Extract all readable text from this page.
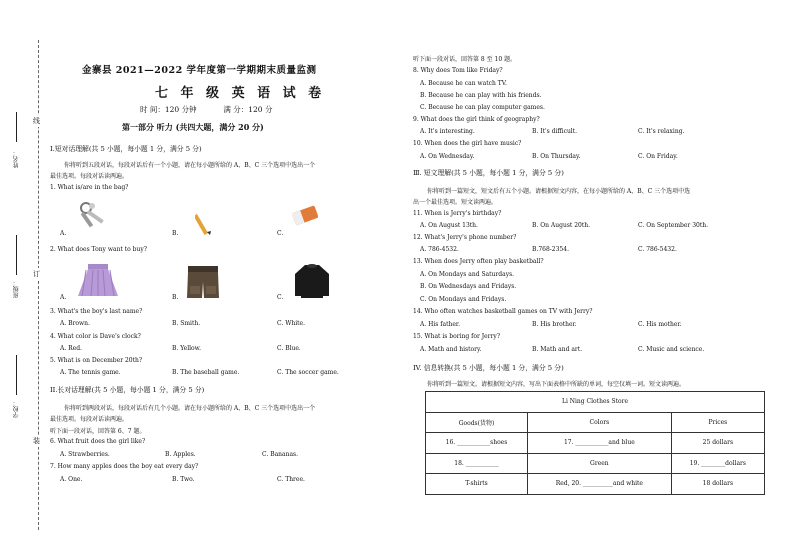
姓名：
班级：
学校：
线
订
装
金寨县 2021—2022 学年度第一学期期末质量监测
七 年 级 英 语 试 卷
时 间：120 分钟	满 分：120 分
第一部分 听力 (共四大题，满分 20 分)
I.短对话理解(共 5 小题，每小题 1 分，满分 5 分)
你将听到五段对话，每段对话后有一个小题，请在每小题所给的 A、B、C 三个选项中选出一个
最佳选项。每段对话读两遍。
1. What is/are in the bag?
A.	B.	C.
2. What does Tony want to buy?
A.	B.	C.
3. What's the boy's last name?
A. Brown.	B. Smith.	C. White.
4. What color is Dave's clock?
A. Red.	B. Yellow.	C. Blue.
5. What is on December 20th?
A. The tennis game.	B. The baseball game.	C. The soccer game.
II.长对话理解(共 5 小题，每小题 1 分，满分 5 分)
你将听到两段对话，每段对话后有几个小题。请在每小题所给的 A、B、C 三个选项中选出一个
最佳选项。每段对话读两遍。
听下面一段对话，回答第 6、7 题。
6. What fruit does the girl like?
A. Strawberries.	B. Apples.	C. Bananas.
7. How many apples does the boy eat every day?
A. One.	B. Two.	C. Three.
听下面一段对话，回答第 8 至 10 题。
8. Why does Tom like Friday?
A. Because he can watch TV.
B. Because he can play with his friends.
C. Because he can play computer games.
9. What does the girl think of geography?
A. It's interesting.	B. It's difficult.	C. It's relaxing.
10. When does the girl have music?
A. On Wednesday.	B. On Thursday.	C. On Friday.
Ⅲ. 短文理解(共 5 小题，每小题 1 分，满分 5 分)
你将听到一篇短文，短文后有五个小题。请根据短文内容，在每小题所给的 A、B、C 三个选项中选
出一个最佳选项。短文读两遍。
11. When is Jerry's birthday?
A. On August 13th.	B. On August 20th.	C. On September 30th.
12. What's Jerry's phone number?
A. 786-4532.	B.768-2354.	C. 786-5432.
13. When does Jerry often play basketball?
A. On Mondays and Saturdays.
B. On Wednesdays and Fridays.
C. On Mondays and Fridays.
14. Who often watches basketball games on TV with Jerry?
A. His father.	B. His brother.	C. His mother.
15. What is boring for Jerry?
A. Math and history.	B. Math and art.	C. Music and science.
IV. 信息转换(共 5 小题，每小题 1 分，满分 5 分)
你将听到一篇短文。请根据短文内容，写出下面表格中所缺的单词，每空仅填一词。短文读两遍。
Li Ning Clothes Store		
Goods(货物)	Colors	Prices
16. ___________shoes	17. ___________and blue	25 dollars
18. ___________	Green	19. ________dollars
T-shirts	Red, 20. __________and white	18 dollars
